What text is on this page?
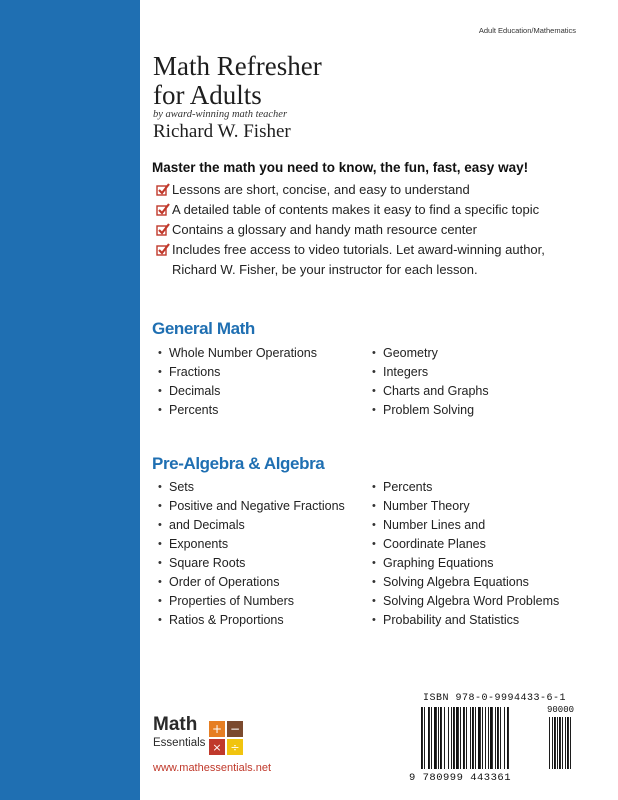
Adult Education/Mathematics
Math Refresher
for Adults
by award-winning math teacher
Richard W. Fisher
Master the math you need to know, the fun, fast, easy way!
Lessons are short, concise, and easy to understand
A detailed table of contents makes it easy to find a specific topic
Contains a glossary and handy math resource center
Includes free access to video tutorials. Let award-winning author,
Richard W. Fisher, be your instructor for each lesson.
General Math
• Whole Number Operations
• Fractions
• Decimals
• Percents
• Geometry
• Integers
• Charts and Graphs
• Problem Solving
Pre-Algebra & Algebra
• Sets
• Positive and Negative Fractions
• and Decimals
• Exponents
• Square Roots
• Order of Operations
• Properties of Numbers
• Ratios & Proportions
• Percents
• Number Theory
• Number Lines and
• Coordinate Planes
• Graphing Equations
• Solving Algebra Equations
• Solving Algebra Word Problems
• Probability and Statistics
Math
Essentials
+ −
× ÷
www.mathessentials.net
ISBN 978-0-9994433-6-1
90000
9 780999 443361
